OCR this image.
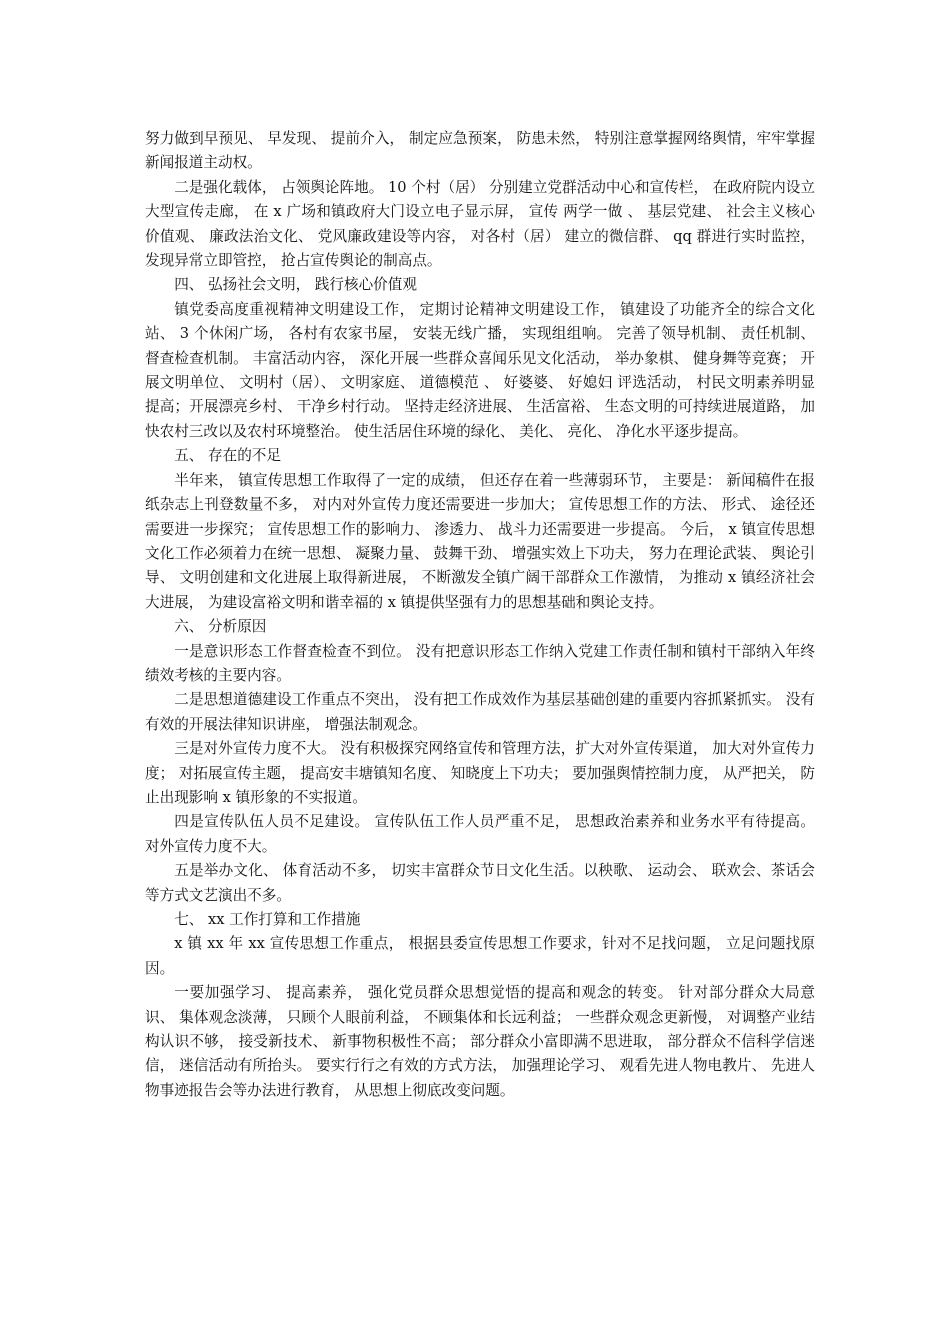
努力做到早预见、 早发现、 提前介入， 制定应急预案， 防患未然， 特别注意掌握网络舆情，牢牢掌握新闻报道主动权。

二是强化载体， 占领舆论阵地。 10 个村（居） 分别建立党群活动中心和宣传栏， 在政府院内设立大型宣传走廊， 在 x 广场和镇政府大门设立电子显示屏， 宣传 两学一做 、 基层党建、 社会主义核心价值观、 廉政法治文化、 党风廉政建设等内容， 对各村（居） 建立的微信群、 qq 群进行实时监控， 发现异常立即管控， 抢占宣传舆论的制高点。

四、 弘扬社会文明， 践行核心价值观

镇党委高度重视精神文明建设工作， 定期讨论精神文明建设工作， 镇建设了功能齐全的综合文化站、 3 个休闲广场， 各村有农家书屋， 安装无线广播， 实现组组响。 完善了领导机制、 责任机制、 督查检查机制。 丰富活动内容， 深化开展一些群众喜闻乐见文化活动， 举办象棋、 健身舞等竞赛； 开展文明单位、 文明村（居）、 文明家庭、 道德模范 、 好婆婆、 好媳妇 评选活动， 村民文明素养明显提高；开展漂亮乡村、 干净乡村行动。 坚持走经济进展、 生活富裕、 生态文明的可持续进展道路， 加快农村三改以及农村环境整治。 使生活居住环境的绿化、 美化、 亮化、 净化水平逐步提高。

五、 存在的不足

半年来， 镇宣传思想工作取得了一定的成绩， 但还存在着一些薄弱环节， 主要是： 新闻稿件在报纸杂志上刊登数量不多， 对内对外宣传力度还需要进一步加大； 宣传思想工作的方法、 形式、 途径还需要进一步探究； 宣传思想工作的影响力、 渗透力、 战斗力还需要进一步提高。 今后， x 镇宣传思想文化工作必须着力在统一思想、 凝聚力量、 鼓舞干劲、 增强实效上下功夫， 努力在理论武装、 舆论引导、 文明创建和文化进展上取得新进展， 不断激发全镇广阔干部群众工作激情， 为推动 x 镇经济社会大进展， 为建设富裕文明和谐幸福的 x 镇提供坚强有力的思想基础和舆论支持。

六、 分析原因

一是意识形态工作督查检查不到位。 没有把意识形态工作纳入党建工作责任制和镇村干部纳入年终绩效考核的主要内容。

二是思想道德建设工作重点不突出， 没有把工作成效作为基层基础创建的重要内容抓紧抓实。 没有有效的开展法律知识讲座， 增强法制观念。

三是对外宣传力度不大。 没有积极探究网络宣传和管理方法，扩大对外宣传渠道， 加大对外宣传力度； 对拓展宣传主题， 提高安丰塘镇知名度、 知晓度上下功夫； 要加强舆情控制力度， 从严把关， 防止出现影响 x 镇形象的不实报道。

四是宣传队伍人员不足建设。 宣传队伍工作人员严重不足， 思想政治素养和业务水平有待提高。 对外宣传力度不大。

五是举办文化、 体育活动不多， 切实丰富群众节日文化生活。以秧歌、 运动会、 联欢会、茶话会等方式文艺演出不多。

七、 xx 工作打算和工作措施

x 镇 xx 年 xx 宣传思想工作重点， 根据县委宣传思想工作要求，针对不足找问题， 立足问题找原因。

一要加强学习、 提高素养， 强化党员群众思想觉悟的提高和观念的转变。 针对部分群众大局意识、 集体观念淡薄， 只顾个人眼前利益， 不顾集体和长远利益； 一些群众观念更新慢， 对调整产业结构认识不够， 接受新技术、 新事物积极性不高； 部分群众小富即满不思进取， 部分群众不信科学信迷信， 迷信活动有所抬头。 要实行行之有效的方式方法， 加强理论学习、 观看先进人物电教片、 先进人物事迹报告会等办法进行教育， 从思想上彻底改变问题。
